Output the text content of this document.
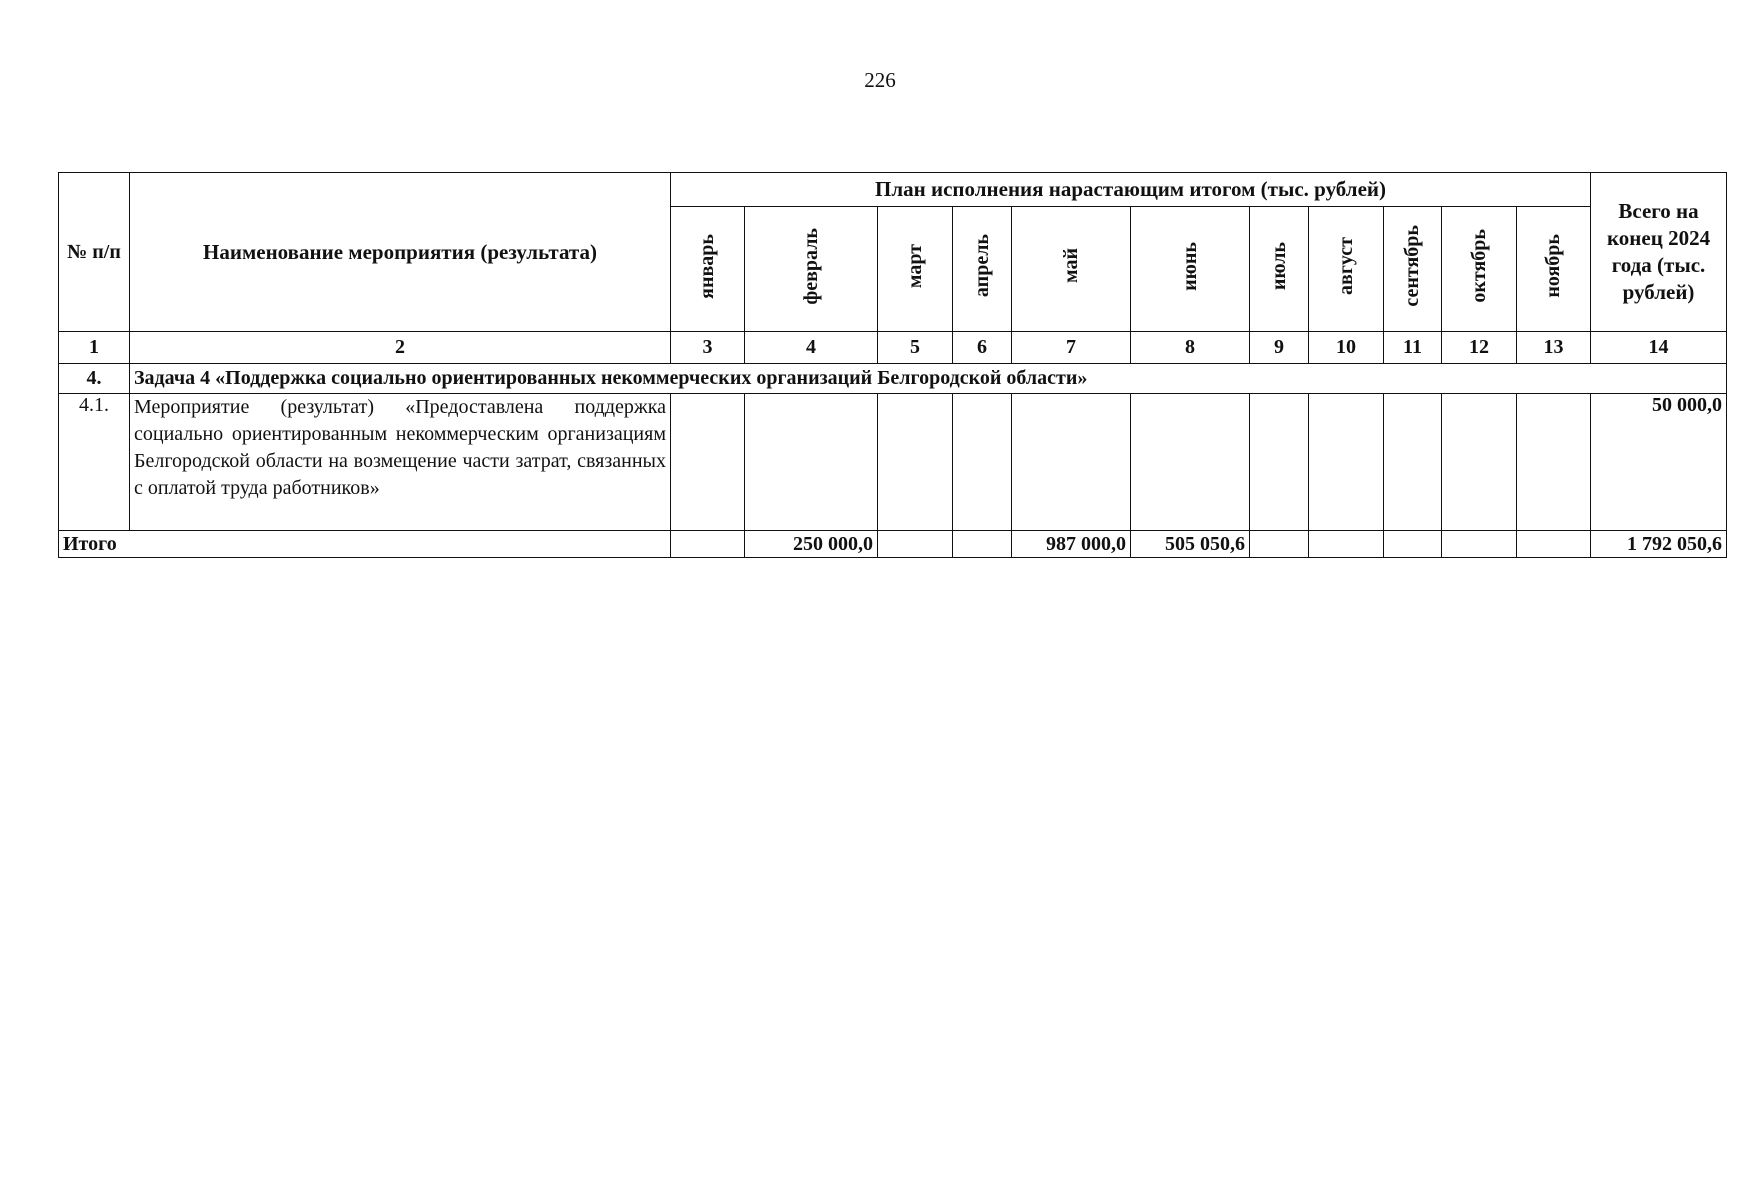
226
№ п/п	Наименование мероприятия (результата)	План исполнения нарастающим итогом (тыс. рублей)											Всего на конец 2024 года (тыс. рублей)
		январь	февраль	март	апрель	май	июнь	июль	август	сентябрь	октябрь	ноябрь	
1	2	3	4	5	6	7	8	9	10	11	12	13	14
4.	Задача 4 «Поддержка социально ориентированных некоммерческих организаций Белгородской области»												
4.1.	Мероприятие (результат) «Предоставлена поддержка социально ориентированным некоммерческим организациям Белгородской области на возмещение части затрат, связанных с оплатой труда работников»												50 000,0
Итого			250 000,0			987 000,0	505 050,6						1 792 050,6
